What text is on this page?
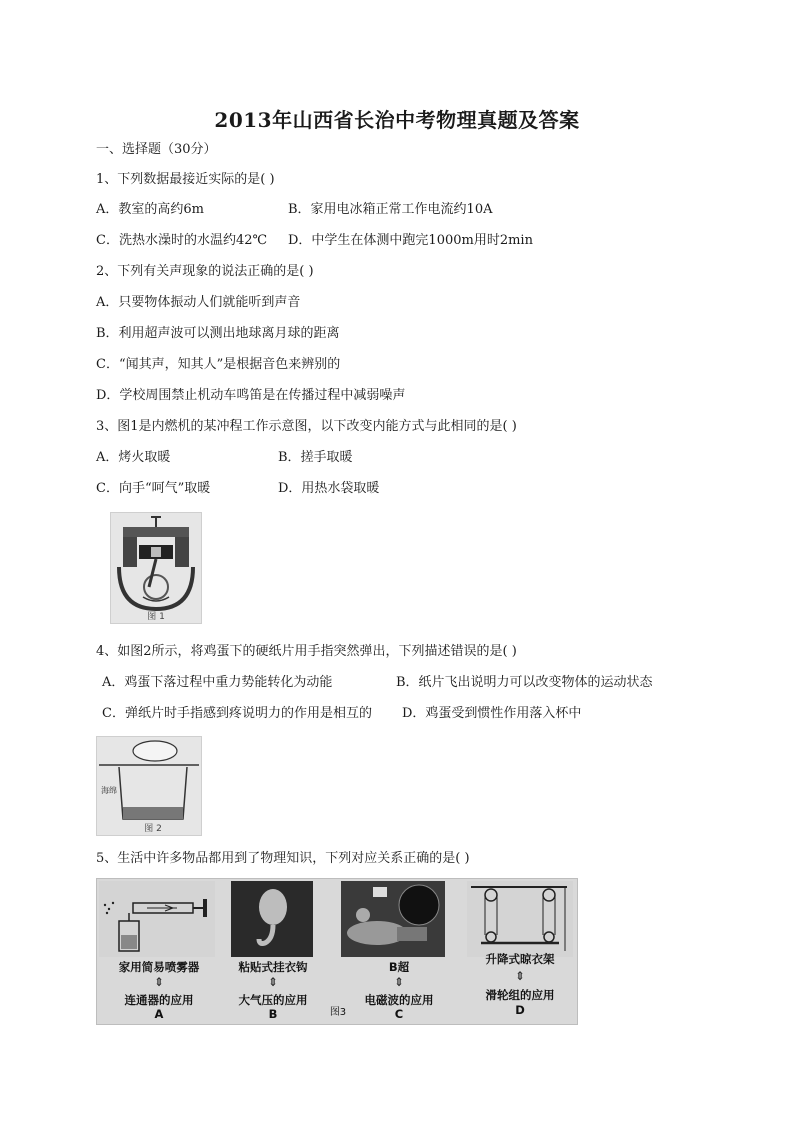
2013年山西省长治中考物理真题及答案
一、选择题（30分）
1、下列数据最接近实际的是( )
A．教室的高约6m	B．家用电冰箱正常工作电流约10A
C．洗热水澡时的水温约42℃ D．中学生在体测中跑完1000m用时2min
2、下列有关声现象的说法正确的是( )
A．只要物体振动人们就能听到声音
B．利用超声波可以测出地球离月球的距离
C．“闻其声，知其人”是根据音色来辨别的
D．学校周围禁止机动车鸣笛是在传播过程中减弱噪声
3、图1是内燃机的某冲程工作示意图，以下改变内能方式与此相同的是( )
A．烤火取暖	B．搓手取暖
C．向手“呵气”取暖	D．用热水袋取暖
图 1
4、如图2所示，将鸡蛋下的硬纸片用手指突然弹出，下列描述错误的是( )
A．鸡蛋下落过程中重力势能转化为动能	B．纸片飞出说明力可以改变物体的运动状态
C．弹纸片时手指感到疼说明力的作用是相互的 D．鸡蛋受到惯性作用落入杯中
海绵
图 2
5、生活中许多物品都用到了物理知识，下列对应关系正确的是( )
家用简易喷雾器
⇕
连通器的应用
A
粘贴式挂衣钩
⇕
大气压的应用
B	图3
B超
⇕
电磁波的应用
C
升降式晾衣架
⇕
滑轮组的应用
D
